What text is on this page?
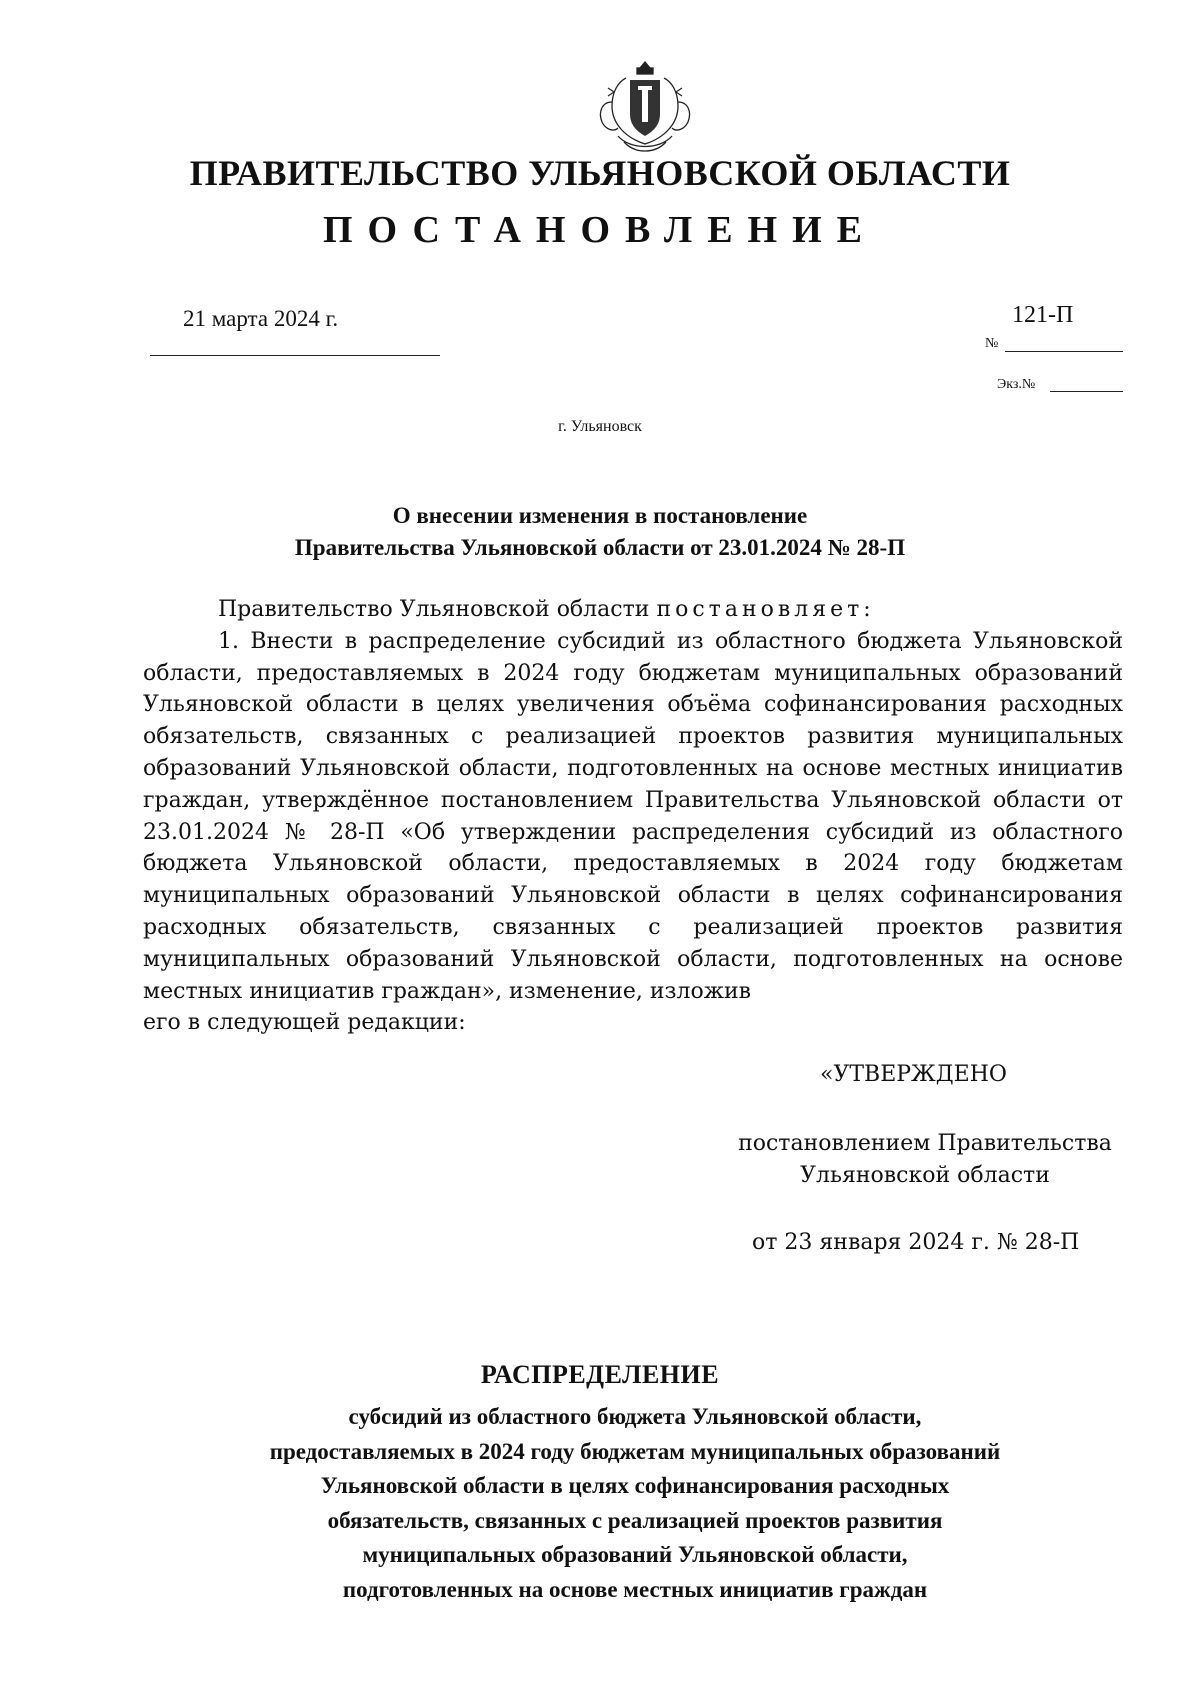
ПРАВИТЕЛЬСТВО УЛЬЯНОВСКОЙ ОБЛАСТИ
ПОСТАНОВЛЕНИЕ
21 марта 2024 г.	121-П
№
Экз.№
г. Ульяновск
О внесении изменения в постановление
Правительства Ульяновской области от 23.01.2024 № 28-П

Правительство Ульяновской области постановляет:

1. Внести в распределение субсидий из областного бюджета Ульяновской области, предоставляемых в 2024 году бюджетам муниципальных образований Ульяновской области в целях увеличения объёма софинансирования расходных обязательств, связанных с реализацией проектов развития муниципальных образований Ульяновской области, подготовленных на основе местных инициатив граждан, утверждённое постановлением Правительства Ульяновской области от 23.01.2024 № 28-П «Об утверждении распределения субсидий из областного бюджета Ульяновской области, предоставляемых в 2024 году бюджетам муниципальных образований Ульяновской области в целях софинансирования расходных обязательств, связанных с реализацией проектов развития муниципальных образований Ульяновской области, подготовленных на основе местных инициатив граждан», изменение, изложив

его в следующей редакции:

«УТВЕРЖДЕНО
постановлением Правительства
Ульяновской области
от 23 января 2024 г. № 28-П
РАСПРЕДЕЛЕНИЕ
субсидий из областного бюджета Ульяновской области,
предоставляемых в 2024 году бюджетам муниципальных образований
Ульяновской области в целях софинансирования расходных
обязательств, связанных с реализацией проектов развития
муниципальных образований Ульяновской области,
подготовленных на основе местных инициатив граждан
